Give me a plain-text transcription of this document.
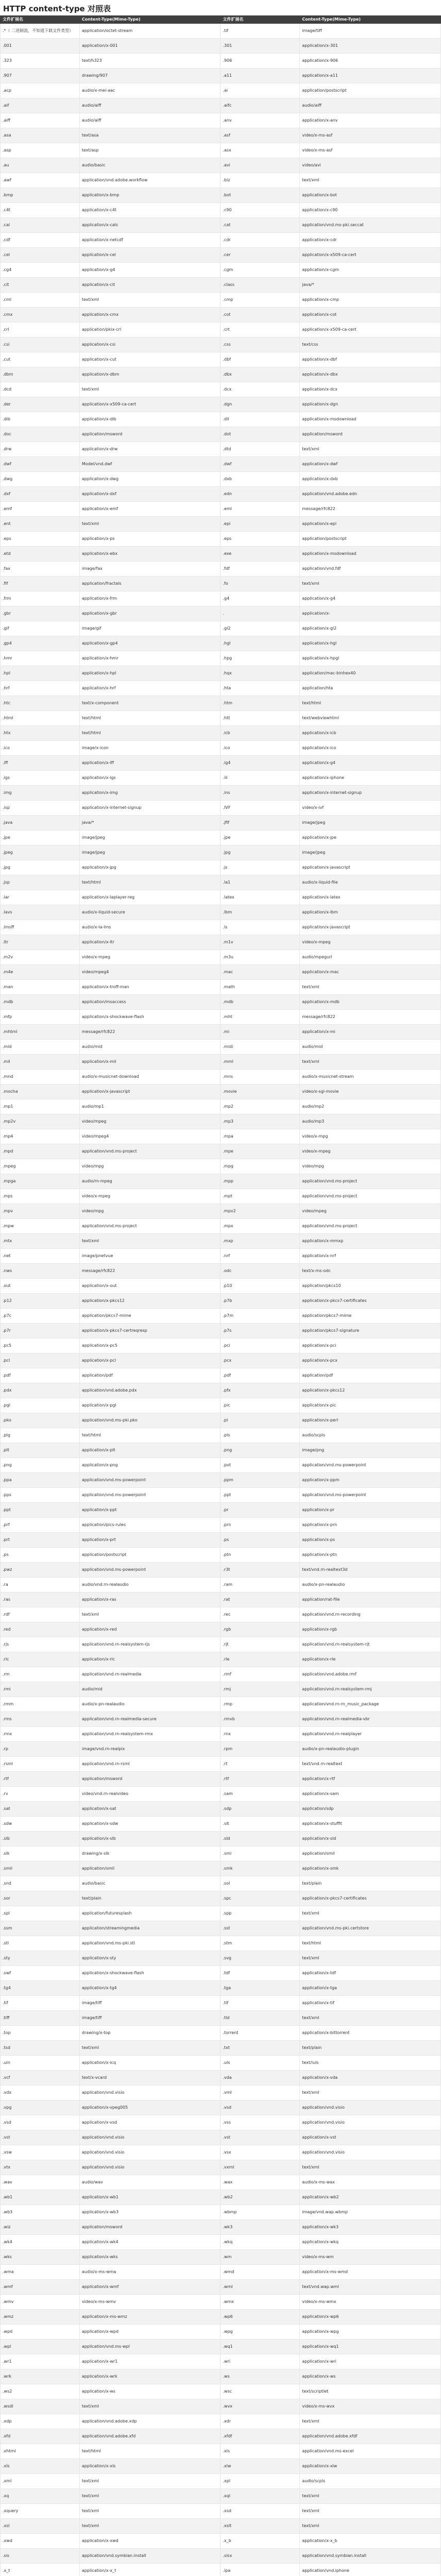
HTTP content-type 对照表
文件扩展名	Content-Type(Mime-Type)	文件扩展名	Content-Type(Mime-Type)
.*（ 二进制流，不知道下载文件类型）	application/octet-stream	.tif	image/tiff
.001	application/x-001	.301	application/x-301
.323	text/h323	.906	application/x-906
.907	drawing/907	.a11	application/x-a11
.acp	audio/x-mei-aac	.ai	application/postscript
.aif	audio/aiff	.aifc	audio/aiff
.aiff	audio/aiff	.anv	application/x-anv
.asa	text/asa	.asf	video/x-ms-asf
.asp	text/asp	.asx	video/x-ms-asf
.au	audio/basic	.avi	video/avi
.awf	application/vnd.adobe.workflow	.biz	text/xml
.bmp	application/x-bmp	.bot	application/x-bot
.c4t	application/x-c4t	.c90	application/x-c90
.cal	application/x-cals	.cat	application/vnd.ms-pki.seccat
.cdf	application/x-netcdf	.cdr	application/x-cdr
.cel	application/x-cel	.cer	application/x-x509-ca-cert
.cg4	application/x-g4	.cgm	application/x-cgm
.cit	application/x-cit	.class	java/*
.cml	text/xml	.cmp	application/x-cmp
.cmx	application/x-cmx	.cot	application/x-cot
.crl	application/pkix-crl	.crt	application/x-x509-ca-cert
.csi	application/x-csi	.css	text/css
.cut	application/x-cut	.dbf	application/x-dbf
.dbm	application/x-dbm	.dbx	application/x-dbx
.dcd	text/xml	.dcx	application/x-dcx
.der	application/x-x509-ca-cert	.dgn	application/x-dgn
.dib	application/x-dib	.dll	application/x-msdownload
.doc	application/msword	.dot	application/msword
.drw	application/x-drw	.dtd	text/xml
.dwf	Model/vnd.dwf	.dwf	application/x-dwf
.dwg	application/x-dwg	.dxb	application/x-dxb
.dxf	application/x-dxf	.edn	application/vnd.adobe.edn
.emf	application/x-emf	.eml	message/rfc822
.ent	text/xml	.epi	application/x-epi
.eps	application/x-ps	.eps	application/postscript
.etd	application/x-ebx	.exe	application/x-msdownload
.fax	image/fax	.fdf	application/vnd.fdf
.fif	application/fractals	.fo	text/xml
.frm	application/x-frm	.g4	application/x-g4
.gbr	application/x-gbr	.	application/x-
.gif	image/gif	.gl2	application/x-gl2
.gp4	application/x-gp4	.hgl	application/x-hgl
.hmr	application/x-hmr	.hpg	application/x-hpgl
.hpl	application/x-hpl	.hqx	application/mac-binhex40
.hrf	application/x-hrf	.hta	application/hta
.htc	text/x-component	.htm	text/html
.html	text/html	.htt	text/webviewhtml
.htx	text/html	.icb	application/x-icb
.ico	image/x-icon	.ico	application/x-ico
.iff	application/x-iff	.ig4	application/x-g4
.igs	application/x-igs	.iii	application/x-iphone
.img	application/x-img	.ins	application/x-internet-signup
.isp	application/x-internet-signup	.IVF	video/x-ivf
.java	java/*	.jfif	image/jpeg
.jpe	image/jpeg	.jpe	application/x-jpe
.jpeg	image/jpeg	.jpg	image/jpeg
.jpg	application/x-jpg	.js	application/x-javascript
.jsp	text/html	.la1	audio/x-liquid-file
.lar	application/x-laplayer-reg	.latex	application/x-latex
.lavs	audio/x-liquid-secure	.lbm	application/x-lbm
.lmsff	audio/x-la-lms	.ls	application/x-javascript
.ltr	application/x-ltr	.m1v	video/x-mpeg
.m2v	video/x-mpeg	.m3u	audio/mpegurl
.m4e	video/mpeg4	.mac	application/x-mac
.man	application/x-troff-man	.math	text/xml
.mdb	application/msaccess	.mdb	application/x-mdb
.mfp	application/x-shockwave-flash	.mht	message/rfc822
.mhtml	message/rfc822	.mi	application/x-mi
.mid	audio/mid	.midi	audio/mid
.mil	application/x-mil	.mml	text/xml
.mnd	audio/x-musicnet-download	.mns	audio/x-musicnet-stream
.mocha	application/x-javascript	.movie	video/x-sgi-movie
.mp1	audio/mp1	.mp2	audio/mp2
.mp2v	video/mpeg	.mp3	audio/mp3
.mp4	video/mpeg4	.mpa	video/x-mpg
.mpd	application/vnd.ms-project	.mpe	video/x-mpeg
.mpeg	video/mpg	.mpg	video/mpg
.mpga	audio/rn-mpeg	.mpp	application/vnd.ms-project
.mps	video/x-mpeg	.mpt	application/vnd.ms-project
.mpv	video/mpg	.mpv2	video/mpeg
.mpw	application/vnd.ms-project	.mpx	application/vnd.ms-project
.mtx	text/xml	.mxp	application/x-mmxp
.net	image/pnetvue	.nrf	application/x-nrf
.nws	message/rfc822	.odc	text/x-ms-odc
.out	application/x-out	.p10	application/pkcs10
.p12	application/x-pkcs12	.p7b	application/x-pkcs7-certificates
.p7c	application/pkcs7-mime	.p7m	application/pkcs7-mime
.p7r	application/x-pkcs7-certreqresp	.p7s	application/pkcs7-signature
.pc5	application/x-pc5	.pci	application/x-pci
.pcl	application/x-pcl	.pcx	application/x-pcx
.pdf	application/pdf	.pdf	application/pdf
.pdx	application/vnd.adobe.pdx	.pfx	application/x-pkcs12
.pgl	application/x-pgl	.pic	application/x-pic
.pko	application/vnd.ms-pki.pko	.pl	application/x-perl
.plg	text/html	.pls	audio/scpls
.plt	application/x-plt	.png	image/png
.png	application/x-png	.pot	application/vnd.ms-powerpoint
.ppa	application/vnd.ms-powerpoint	.ppm	application/x-ppm
.pps	application/vnd.ms-powerpoint	.ppt	application/vnd.ms-powerpoint
.ppt	application/x-ppt	.pr	application/x-pr
.prf	application/pics-rules	.prn	application/x-prn
.prt	application/x-prt	.ps	application/x-ps
.ps	application/postscript	.ptn	application/x-ptn
.pwz	application/vnd.ms-powerpoint	.r3t	text/vnd.rn-realtext3d
.ra	audio/vnd.rn-realaudio	.ram	audio/x-pn-realaudio
.ras	application/x-ras	.rat	application/rat-file
.rdf	text/xml	.rec	application/vnd.rn-recording
.red	application/x-red	.rgb	application/x-rgb
.rjs	application/vnd.rn-realsystem-rjs	.rjt	application/vnd.rn-realsystem-rjt
.rlc	application/x-rlc	.rle	application/x-rle
.rm	application/vnd.rn-realmedia	.rmf	application/vnd.adobe.rmf
.rmi	audio/mid	.rmj	application/vnd.rn-realsystem-rmj
.rmm	audio/x-pn-realaudio	.rmp	application/vnd.rn-rn_music_package
.rms	application/vnd.rn-realmedia-secure	.rmvb	application/vnd.rn-realmedia-vbr
.rmx	application/vnd.rn-realsystem-rmx	.rnx	application/vnd.rn-realplayer
.rp	image/vnd.rn-realpix	.rpm	audio/x-pn-realaudio-plugin
.rsml	application/vnd.rn-rsml	.rt	text/vnd.rn-realtext
.rtf	application/msword	.rtf	application/x-rtf
.rv	video/vnd.rn-realvideo	.sam	application/x-sam
.sat	application/x-sat	.sdp	application/sdp
.sdw	application/x-sdw	.sit	application/x-stuffit
.slb	application/x-slb	.sld	application/x-sld
.slk	drawing/x-slk	.smi	application/smil
.smil	application/smil	.smk	application/x-smk
.snd	audio/basic	.sol	text/plain
.sor	text/plain	.spc	application/x-pkcs7-certificates
.spl	application/futuresplash	.spp	text/xml
.ssm	application/streamingmedia	.sst	application/vnd.ms-pki.certstore
.stl	application/vnd.ms-pki.stl	.stm	text/html
.sty	application/x-sty	.svg	text/xml
.swf	application/x-shockwave-flash	.tdf	application/x-tdf
.tg4	application/x-tg4	.tga	application/x-tga
.tif	image/tiff	.tif	application/x-tif
.tiff	image/tiff	.tld	text/xml
.top	drawing/x-top	.torrent	application/x-bittorrent
.tsd	text/xml	.txt	text/plain
.uin	application/x-icq	.uls	text/iuls
.vcf	text/x-vcard	.vda	application/x-vda
.vdx	application/vnd.visio	.vml	text/xml
.vpg	application/x-vpeg005	.vsd	application/vnd.visio
.vsd	application/x-vsd	.vss	application/vnd.visio
.vst	application/vnd.visio	.vst	application/x-vst
.vsw	application/vnd.visio	.vsx	application/vnd.visio
.vtx	application/vnd.visio	.vxml	text/xml
.wav	audio/wav	.wax	audio/x-ms-wax
.wb1	application/x-wb1	.wb2	application/x-wb2
.wb3	application/x-wb3	.wbmp	image/vnd.wap.wbmp
.wiz	application/msword	.wk3	application/x-wk3
.wk4	application/x-wk4	.wkq	application/x-wkq
.wks	application/x-wks	.wm	video/x-ms-wm
.wma	audio/x-ms-wma	.wmd	application/x-ms-wmd
.wmf	application/x-wmf	.wml	text/vnd.wap.wml
.wmv	video/x-ms-wmv	.wmx	video/x-ms-wmx
.wmz	application/x-ms-wmz	.wp6	application/x-wp6
.wpd	application/x-wpd	.wpg	application/x-wpg
.wpl	application/vnd.ms-wpl	.wq1	application/x-wq1
.wr1	application/x-wr1	.wri	application/x-wri
.wrk	application/x-wrk	.ws	application/x-ws
.ws2	application/x-ws	.wsc	text/scriptlet
.wsdl	text/xml	.wvx	video/x-ms-wvx
.xdp	application/vnd.adobe.xdp	.xdr	text/xml
.xfd	application/vnd.adobe.xfd	.xfdf	application/vnd.adobe.xfdf
.xhtml	text/html	.xls	application/vnd.ms-excel
.xls	application/x-xls	.xlw	application/x-xlw
.xml	text/xml	.xpl	audio/scpls
.xq	text/xml	.xql	text/xml
.xquery	text/xml	.xsd	text/xml
.xsl	text/xml	.xslt	text/xml
.xwd	application/x-xwd	.x_b	application/x-x_b
.sis	application/vnd.symbian.install	.sisx	application/vnd.symbian.install
.x_t	application/x-x_t	.ipa	application/vnd.iphone
